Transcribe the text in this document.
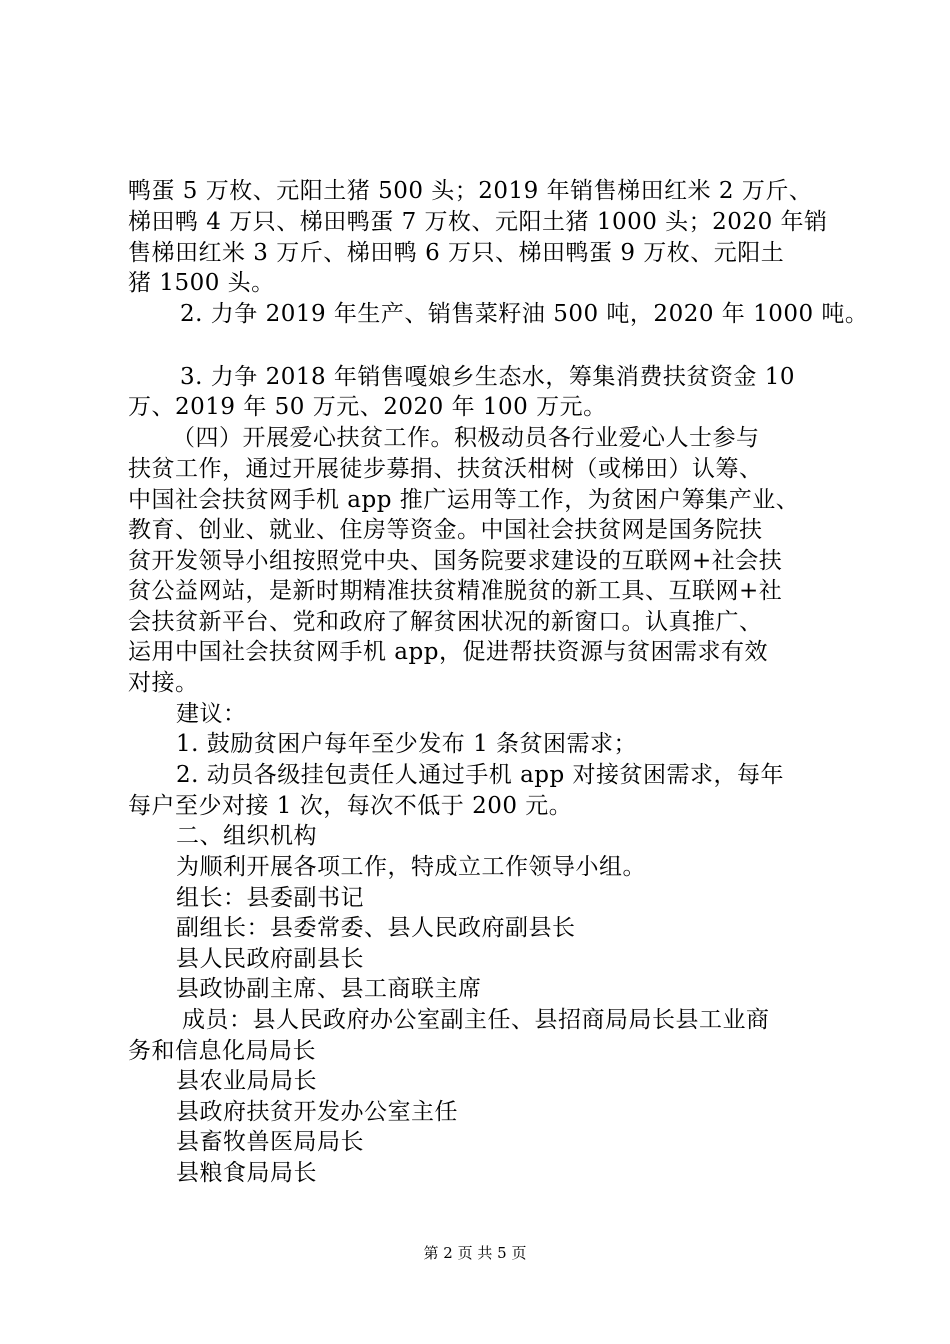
鸭蛋 5 万枚、元阳土猪 500 头；2019 年销售梯田红米 2 万斤、
梯田鸭 4 万只、梯田鸭蛋 7 万枚、元阳土猪 1000 头；2020 年销
售梯田红米 3 万斤、梯田鸭 6 万只、梯田鸭蛋 9 万枚、元阳土
猪 1500 头。
2. 力争 2019 年生产、销售菜籽油 500 吨，2020 年 1000 吨。
3. 力争 2018 年销售嘎娘乡生态水，筹集消费扶贫资金 10
万、2019 年 50 万元、2020 年 100 万元。
（四）开展爱心扶贫工作。积极动员各行业爱心人士参与
扶贫工作，通过开展徒步募捐、扶贫沃柑树（或梯田）认筹、
中国社会扶贫网手机 app 推广运用等工作，为贫困户筹集产业、
教育、创业、就业、住房等资金。中国社会扶贫网是国务院扶
贫开发领导小组按照党中央、国务院要求建设的互联网+社会扶
贫公益网站，是新时期精准扶贫精准脱贫的新工具、互联网+社
会扶贫新平台、党和政府了解贫困状况的新窗口。认真推广、
运用中国社会扶贫网手机 app，促进帮扶资源与贫困需求有效
对接。
建议：
1. 鼓励贫困户每年至少发布 1 条贫困需求；
2. 动员各级挂包责任人通过手机 app 对接贫困需求，每年
每户至少对接 1 次，每次不低于 200 元。
二、组织机构
为顺利开展各项工作，特成立工作领导小组。
组长：县委副书记
副组长：县委常委、县人民政府副县长
县人民政府副县长
县政协副主席、县工商联主席
成员：县人民政府办公室副主任、县招商局局长县工业商
务和信息化局局长
县农业局局长
县政府扶贫开发办公室主任
县畜牧兽医局局长
县粮食局局长
第 2 页 共 5 页
